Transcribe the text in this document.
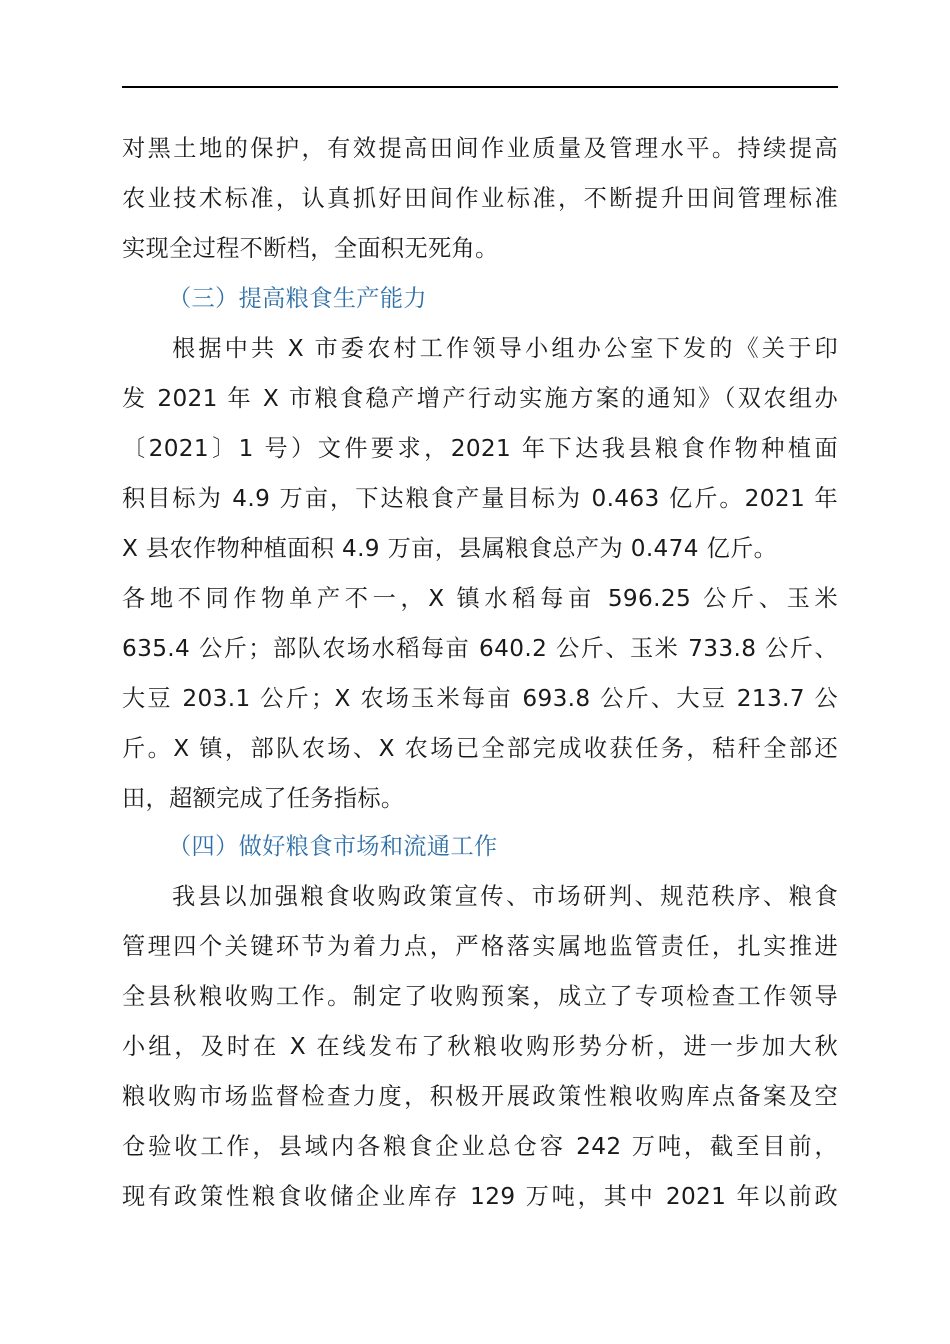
对黑土地的保护，有效提高田间作业质量及管理水平。持续提高
农业技术标准，认真抓好田间作业标准，不断提升田间管理标准
实现全过程不断档，全面积无死角。
（三）提高粮食生产能力
根据中共 X 市委农村工作领导小组办公室下发的《关于印
发 2021 年 X 市粮食稳产增产行动实施方案的通知》（双农组办
〔2021〕1 号）文件要求，2021 年下达我县粮食作物种植面
积目标为 4.9 万亩，下达粮食产量目标为 0.463 亿斤。2021 年
X 县农作物种植面积 4.9 万亩，县属粮食总产为 0.474 亿斤。
各地不同作物单产不一，X 镇水稻每亩 596.25 公斤、玉米
635.4 公斤；部队农场水稻每亩 640.2 公斤、玉米 733.8 公斤、
大豆 203.1 公斤；X 农场玉米每亩 693.8 公斤、大豆 213.7 公
斤。X 镇，部队农场、X 农场已全部完成收获任务，秸秆全部还
田，超额完成了任务指标。
（四）做好粮食市场和流通工作
我县以加强粮食收购政策宣传、市场研判、规范秩序、粮食
管理四个关键环节为着力点，严格落实属地监管责任，扎实推进
全县秋粮收购工作。制定了收购预案，成立了专项检查工作领导
小组，及时在 X 在线发布了秋粮收购形势分析，进一步加大秋
粮收购市场监督检查力度，积极开展政策性粮收购库点备案及空
仓验收工作，县域内各粮食企业总仓容 242 万吨，截至目前，
现有政策性粮食收储企业库存 129 万吨，其中 2021 年以前政
